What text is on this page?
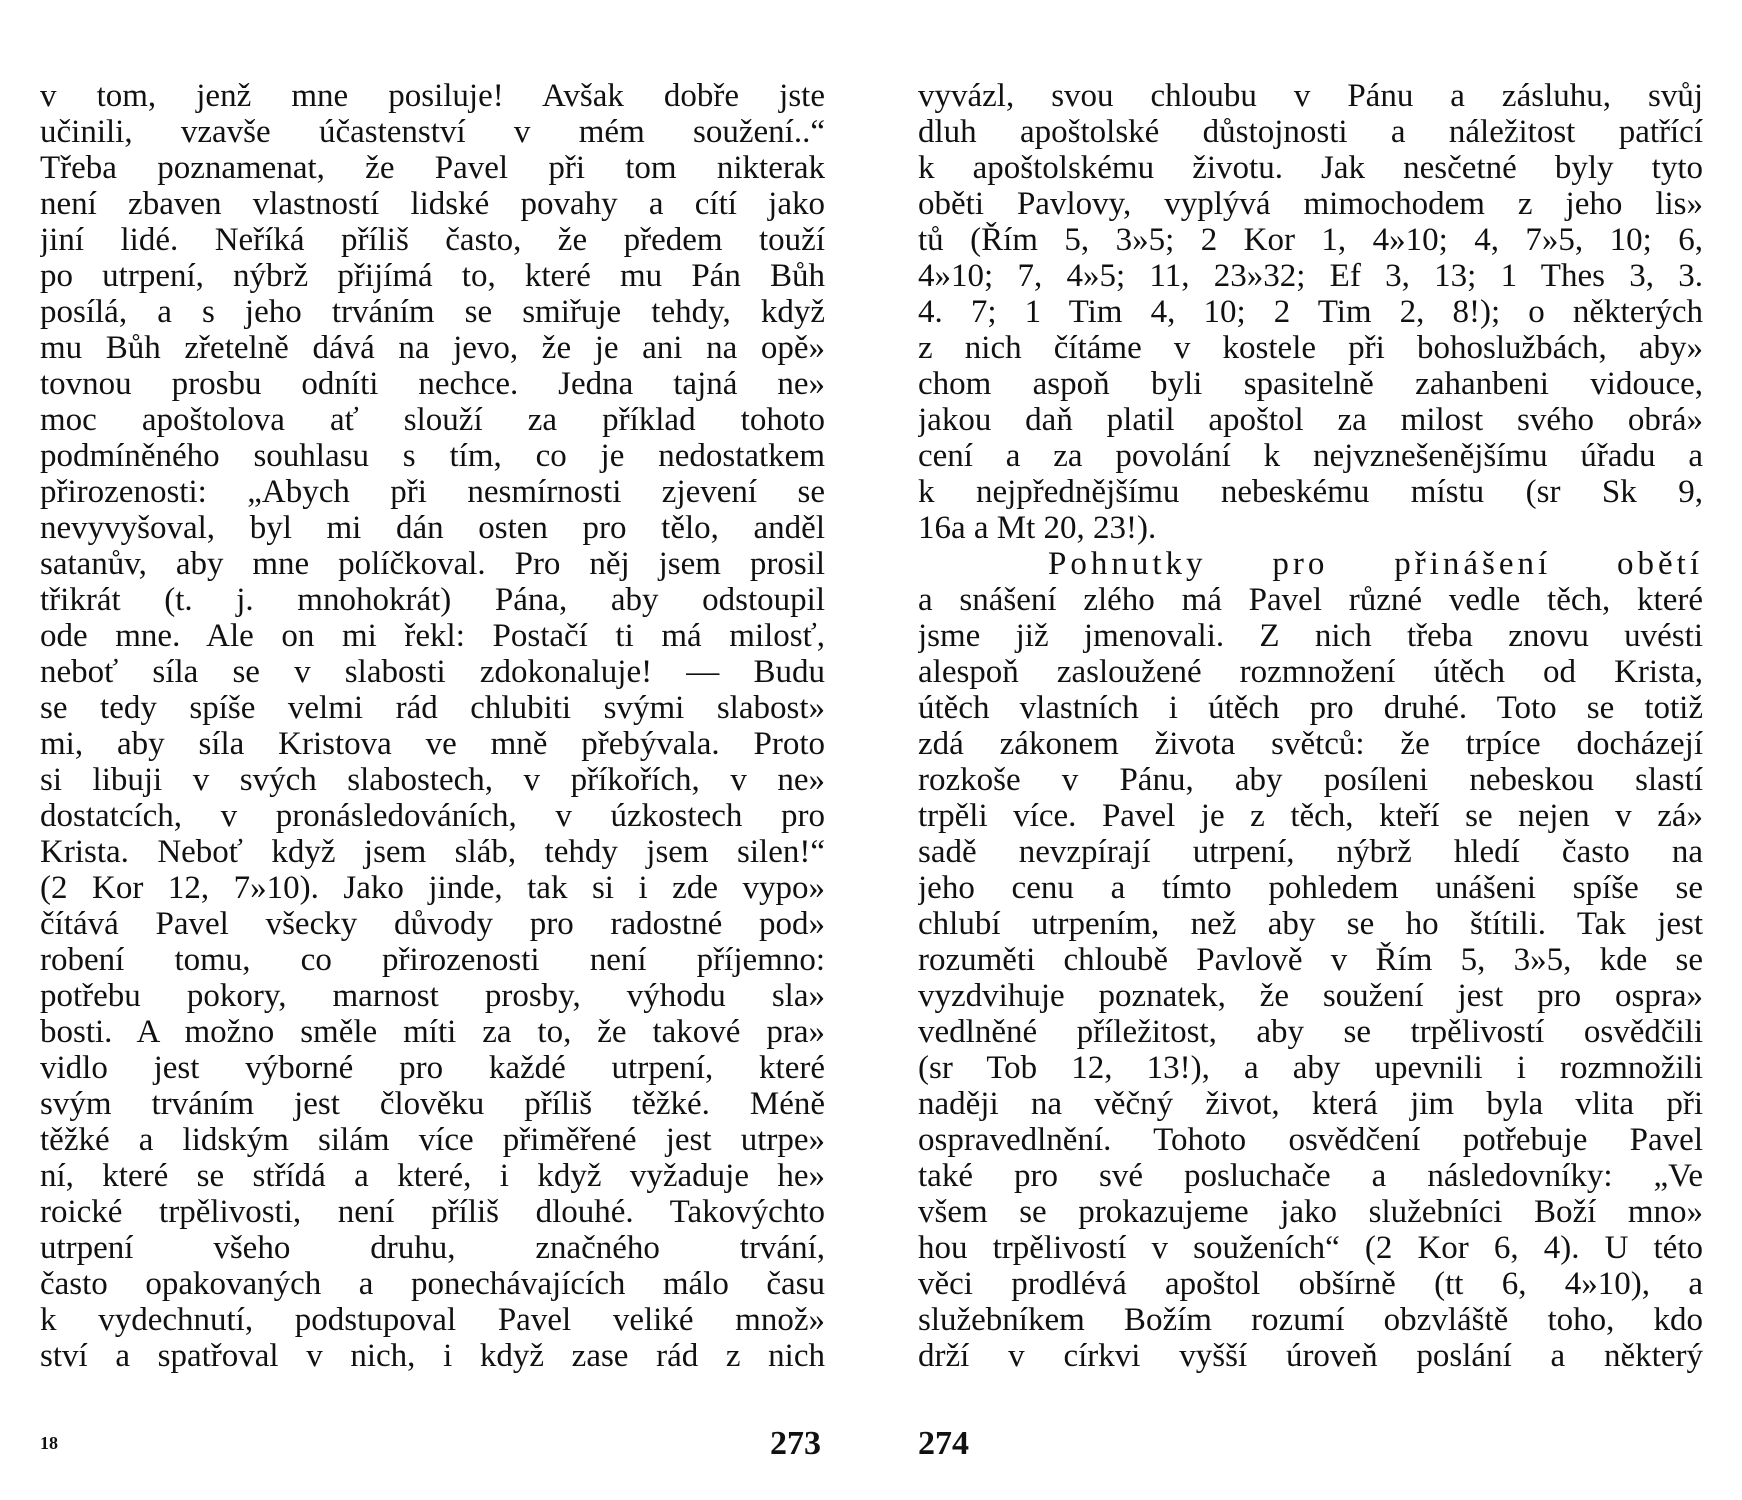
v tom, jenž mne posiluje! Avšak dobře jste
učinili, vzavše účastenství v mém soužení..“
Třeba poznamenat, že Pavel při tom nikterak
není zbaven vlastností lidské povahy a cítí jako
jiní lidé. Neříká příliš často, že předem touží
po utrpení, nýbrž přijímá to, které mu Pán Bůh
posílá, a s jeho trváním se smiřuje tehdy, když
mu Bůh zřetelně dává na jevo, že je ani na opě»
tovnou prosbu odníti nechce. Jedna tajná ne»
moc apoštolova ať slouží za příklad tohoto
podmíněného souhlasu s tím, co je nedostatkem
přirozenosti: „Abych při nesmírnosti zjevení se
nevyvyšoval, byl mi dán osten pro tělo, anděl
satanův, aby mne políčkoval. Pro něj jsem prosil
třikrát (t. j. mnohokrát) Pána, aby odstoupil
ode mne. Ale on mi řekl: Postačí ti má milosť,
neboť síla se v slabosti zdokonaluje! — Budu
se tedy spíše velmi rád chlubiti svými slabost»
mi, aby síla Kristova ve mně přebývala. Proto
si libuji v svých slabostech, v příkořích, v ne»
dostatcích, v pronásledováních, v úzkostech pro
Krista. Neboť když jsem sláb, tehdy jsem silen!“
(2 Kor 12, 7»10). Jako jinde, tak si i zde vypo»
čítává Pavel všecky důvody pro radostné pod»
robení tomu, co přirozenosti není příjemno:
potřebu pokory, marnost prosby, výhodu sla»
bosti. A možno směle míti za to, že takové pra»
vidlo jest výborné pro každé utrpení, které
svým trváním jest člověku příliš těžké. Méně
těžké a lidským silám více přiměřené jest utrpe»
ní, které se střídá a které, i když vyžaduje he»
roické trpělivosti, není příliš dlouhé. Takovýchto
utrpení všeho druhu, značného trvání,
často opakovaných a ponechávajících málo času
k vydechnutí, podstupoval Pavel veliké množ»
ství a spatřoval v nich, i když zase rád z nich
vyvázl, svou chloubu v Pánu a zásluhu, svůj
dluh apoštolské důstojnosti a náležitost patřící
k apoštolskému životu. Jak nesčetné byly tyto
oběti Pavlovy, vyplývá mimochodem z jeho lis»
tů (Řím 5, 3»5; 2 Kor 1, 4»10; 4, 7»5, 10; 6,
4»10; 7, 4»5; 11, 23»32; Ef 3, 13; 1 Thes 3, 3.
4. 7; 1 Tim 4, 10; 2 Tim 2, 8!); o některých
z nich čítáme v kostele při bohoslužbách, aby»
chom aspoň byli spasitelně zahanbeni vidouce,
jakou daň platil apoštol za milost svého obrá»
cení a za povolání k nejvznešenějšímu úřadu a
k nejpřednějšímu nebeskému místu (sr Sk 9,
16a a Mt 20, 23!).
Pohnutky pro přinášení obětí
a snášení zlého má Pavel různé vedle těch, které
jsme již jmenovali. Z nich třeba znovu uvésti
alespoň zasloužené rozmnožení útěch od Krista,
útěch vlastních i útěch pro druhé. Toto se totiž
zdá zákonem života světců: že trpíce docházejí
rozkoše v Pánu, aby posíleni nebeskou slastí
trpěli více. Pavel je z těch, kteří se nejen v zá»
sadě nevzpírají utrpení, nýbrž hledí často na
jeho cenu a tímto pohledem unášeni spíše se
chlubí utrpením, než aby se ho štítili. Tak jest
rozuměti chloubě Pavlově v Řím 5, 3»5, kde se
vyzdvihuje poznatek, že soužení jest pro ospra»
vedlněné příležitost, aby se trpělivostí osvědčili
(sr Tob 12, 13!), a aby upevnili i rozmnožili
naději na věčný život, která jim byla vlita při
ospravedlnění. Tohoto osvědčení potřebuje Pavel
také pro své posluchače a následovníky: „Ve
všem se prokazujeme jako služebníci Boží mno»
hou trpělivostí v souženích“ (2 Kor 6, 4). U této
věci prodlévá apoštol obšírně (tt 6, 4»10), a
služebníkem Božím rozumí obzvláště toho, kdo
drží v církvi vyšší úroveň poslání a některý
18	273	274
